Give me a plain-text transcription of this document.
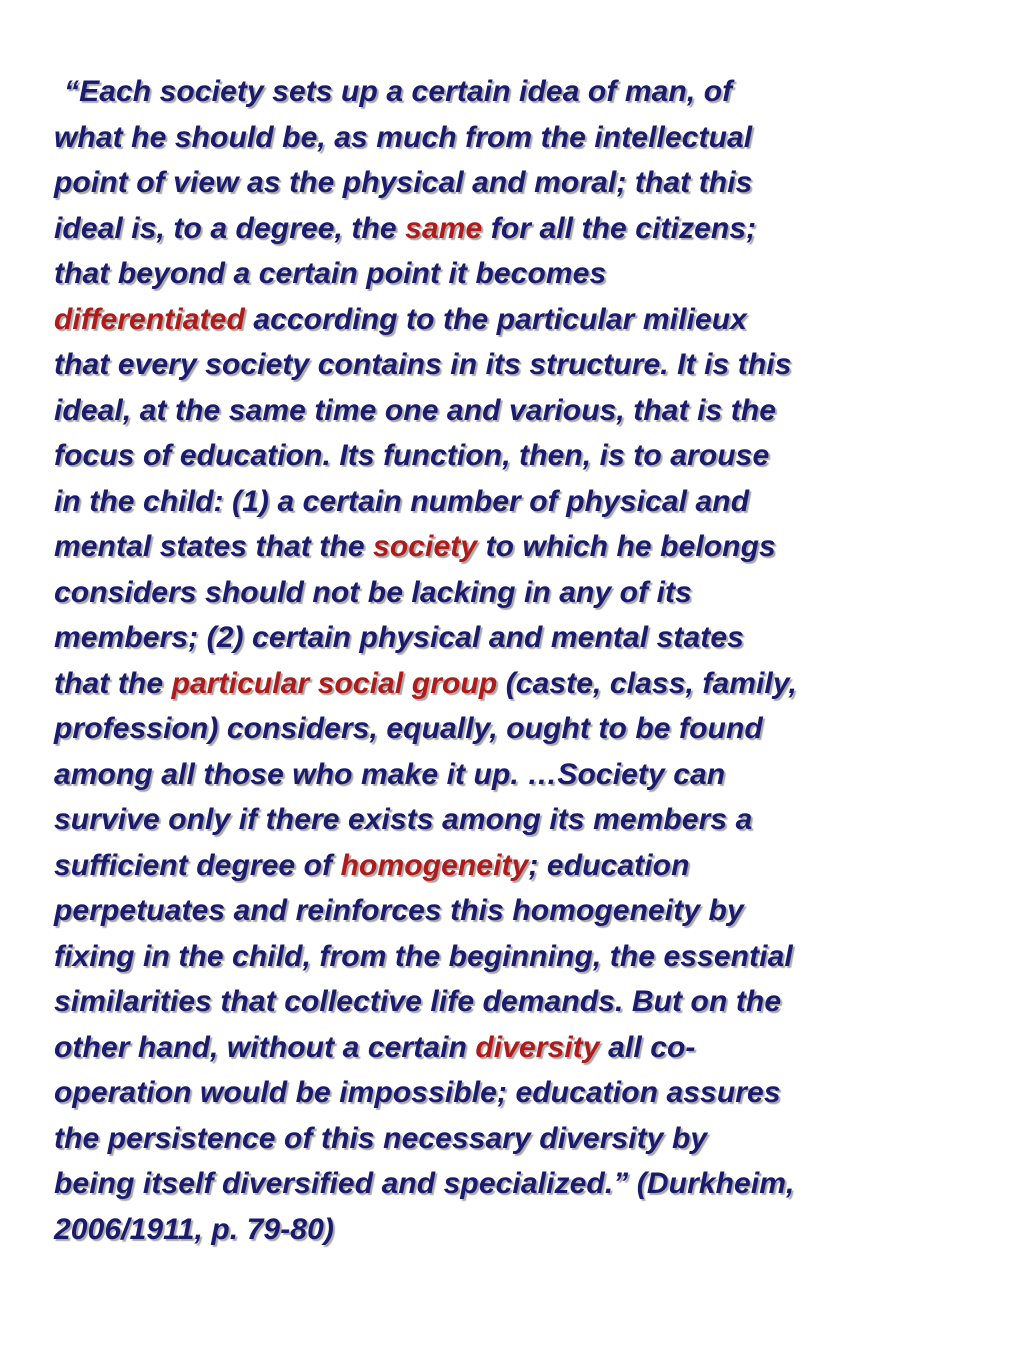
“Each society sets up a certain idea of man, of
what he should be, as much from the intellectual
point of view as the physical and moral; that this
ideal is, to a degree, the same for all the citizens;
that beyond a certain point it becomes
differentiated according to the particular milieux
that every society contains in its structure. It is this
ideal, at the same time one and various, that is the
focus of education. Its function, then, is to arouse
in the child: (1) a certain number of physical and
mental states that the society to which he belongs
considers should not be lacking in any of its
members; (2) certain physical and mental states
that the particular social group (caste, class, family,
profession) considers, equally, ought to be found
among all those who make it up. …Society can
survive only if there exists among its members a
sufficient degree of homogeneity; education
perpetuates and reinforces this homogeneity by
fixing in the child, from the beginning, the essential
similarities that collective life demands. But on the
other hand, without a certain diversity all co-
operation would be impossible; education assures
the persistence of this necessary diversity by
being itself diversified and specialized.” (Durkheim,
2006/1911, p. 79-80)
